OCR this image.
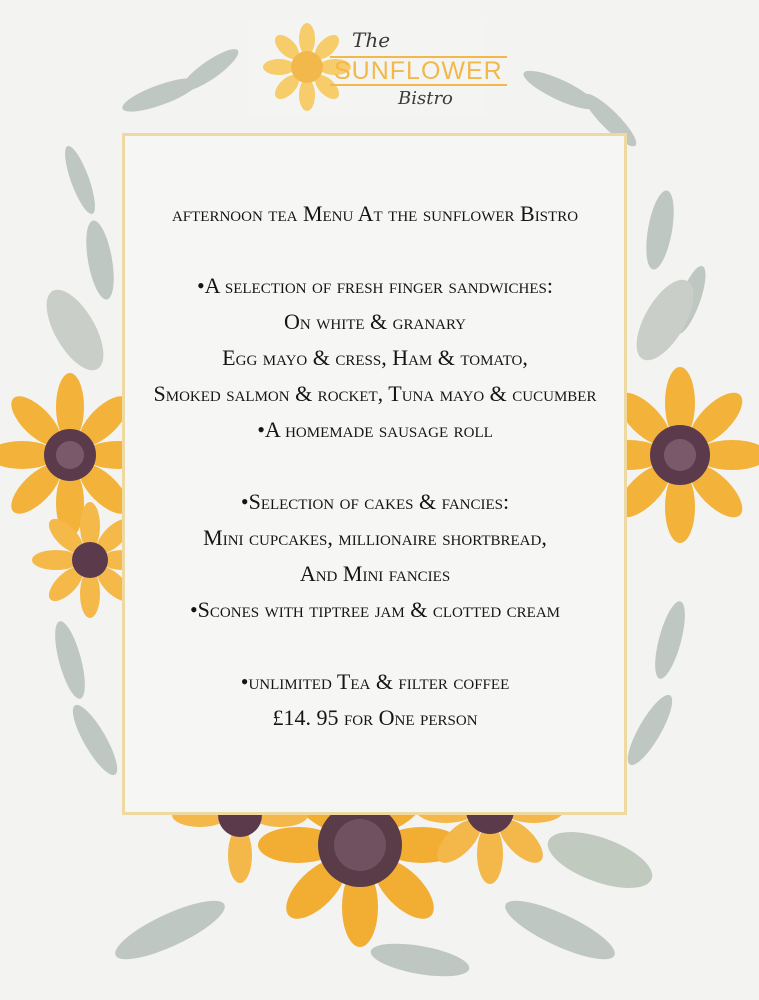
The
SUNFLOWER
Bistro
afternoon tea Menu At the sunflower Bistro
•A selection of fresh finger sandwiches:
On white & granary
Egg mayo & cress, Ham & tomato,
Smoked salmon & rocket, Tuna mayo & cucumber
•A homemade sausage roll
•Selection of cakes & fancies:
Mini cupcakes, millionaire shortbread,
And Mini fancies
•Scones with tiptree jam & clotted cream
•unlimited Tea & filter coffee
£14. 95 for One person
